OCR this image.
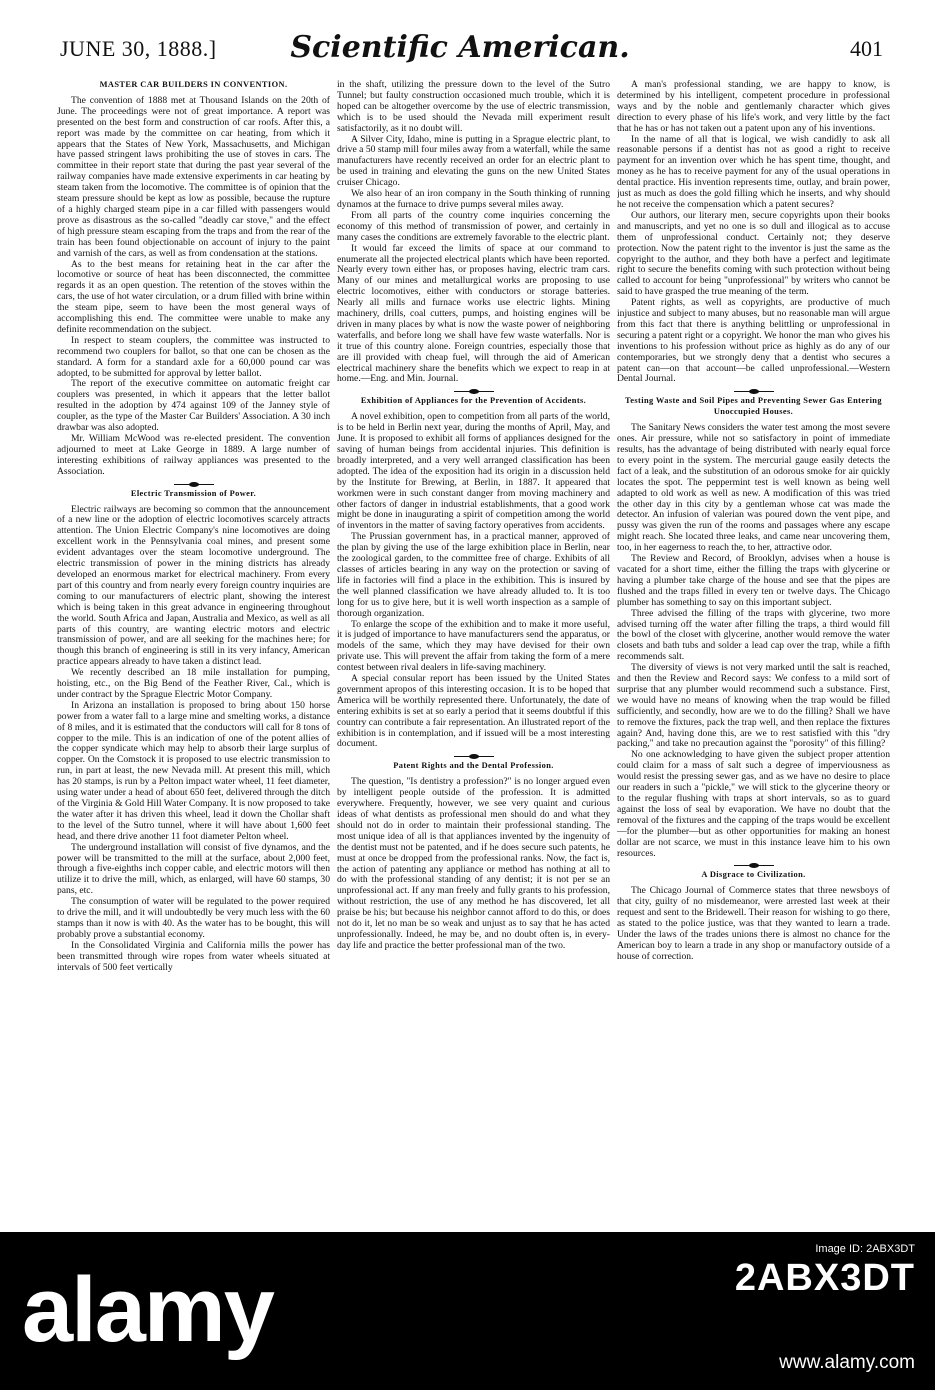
JUNE 30, 1888.]	Scientific American.	401
MASTER CAR BUILDERS IN CONVENTION.

The convention of 1888 met at Thousand Islands on the 20th of June. The proceedings were not of great importance. A report was presented on the best form and construction of car roofs. After this, a report was made by the committee on car heating, from which it appears that the States of New York, Massachusetts, and Michigan have passed stringent laws prohibiting the use of stoves in cars. The committee in their report state that during the past year several of the railway companies have made extensive experiments in car heating by steam taken from the locomotive. The committee is of opinion that the steam pressure should be kept as low as possible, because the rupture of a highly charged steam pipe in a car filled with passengers would prove as disastrous as the so-called "deadly car stove," and the effect of high pressure steam escaping from the traps and from the rear of the train has been found objectionable on account of injury to the paint and varnish of the cars, as well as from condensation at the stations.

As to the best means for retaining heat in the car after the locomotive or source of heat has been disconnected, the committee regards it as an open question. The retention of the stoves within the cars, the use of hot water circulation, or a drum filled with brine within the steam pipe, seem to have been the most general ways of accomplishing this end. The committee were unable to make any definite recommendation on the subject.

In respect to steam couplers, the committee was instructed to recommend two couplers for ballot, so that one can be chosen as the standard. A form for a standard axle for a 60,000 pound car was adopted, to be submitted for approval by letter ballot.

The report of the executive committee on automatic freight car couplers was presented, in which it appears that the letter ballot resulted in the adoption by 474 against 109 of the Janney style of coupler, as the type of the Master Car Builders' Association. A 30 inch drawbar was also adopted.

Mr. William McWood was re-elected president. The convention adjourned to meet at Lake George in 1889. A large number of interesting exhibitions of railway appliances was presented to the Association.

Electric Transmission of Power.

Electric railways are becoming so common that the announcement of a new line or the adoption of electric locomotives scarcely attracts attention. The Union Electric Company's nine locomotives are doing excellent work in the Pennsylvania coal mines, and present some evident advantages over the steam locomotive underground. The electric transmission of power in the mining districts has already developed an enormous market for electrical machinery. From every part of this country and from nearly every foreign country inquiries are coming to our manufacturers of electric plant, showing the interest which is being taken in this great advance in engineering throughout the world. South Africa and Japan, Australia and Mexico, as well as all parts of this country, are wanting electric motors and electric transmission of power, and are all seeking for the machines here; for though this branch of engineering is still in its very infancy, American practice appears already to have taken a distinct lead.

We recently described an 18 mile installation for pumping, hoisting, etc., on the Big Bend of the Feather River, Cal., which is under contract by the Sprague Electric Motor Company.

In Arizona an installation is proposed to bring about 150 horse power from a water fall to a large mine and smelting works, a distance of 8 miles, and it is estimated that the conductors will call for 8 tons of copper to the mile. This is an indication of one of the potent allies of the copper syndicate which may help to absorb their large surplus of copper. On the Comstock it is proposed to use electric transmission to run, in part at least, the new Nevada mill. At present this mill, which has 20 stamps, is run by a Pelton impact water wheel, 11 feet diameter, using water under a head of about 650 feet, delivered through the ditch of the Virginia & Gold Hill Water Company. It is now proposed to take the water after it has driven this wheel, lead it down the Chollar shaft to the level of the Sutro tunnel, where it will have about 1,600 feet head, and there drive another 11 foot diameter Pelton wheel.

The underground installation will consist of five dynamos, and the power will be transmitted to the mill at the surface, about 2,000 feet, through a five-eighths inch copper cable, and electric motors will then utilize it to drive the mill, which, as enlarged, will have 60 stamps, 30 pans, etc.

The consumption of water will be regulated to the power required to drive the mill, and it will undoubtedly be very much less with the 60 stamps than it now is with 40. As the water has to be bought, this will probably prove a substantial economy.

In the Consolidated Virginia and California mills the power has been transmitted through wire ropes from water wheels situated at intervals of 500 feet vertically

in the shaft, utilizing the pressure down to the level of the Sutro Tunnel; but faulty construction occasioned much trouble, which it is hoped can be altogether overcome by the use of electric transmission, which is to be used should the Nevada mill experiment result satisfactorily, as it no doubt will.

A Silver City, Idaho, mine is putting in a Sprague electric plant, to drive a 50 stamp mill four miles away from a waterfall, while the same manufacturers have recently received an order for an electric plant to be used in training and elevating the guns on the new United States cruiser Chicago.

We also hear of an iron company in the South thinking of running dynamos at the furnace to drive pumps several miles away.

From all parts of the country come inquiries concerning the economy of this method of transmission of power, and certainly in many cases the conditions are extremely favorable to the electric plant.

It would far exceed the limits of space at our command to enumerate all the projected electrical plants which have been reported. Nearly every town either has, or proposes having, electric tram cars. Many of our mines and metallurgical works are proposing to use electric locomotives, either with conductors or storage batteries. Nearly all mills and furnace works use electric lights. Mining machinery, drills, coal cutters, pumps, and hoisting engines will be driven in many places by what is now the waste power of neighboring waterfalls, and before long we shall have few waste waterfalls. Nor is it true of this country alone. Foreign countries, especially those that are ill provided with cheap fuel, will through the aid of American electrical machinery share the benefits which we expect to reap in at home.—Eng. and Min. Journal.

Exhibition of Appliances for the Prevention of Accidents.

A novel exhibition, open to competition from all parts of the world, is to be held in Berlin next year, during the months of April, May, and June. It is proposed to exhibit all forms of appliances designed for the saving of human beings from accidental injuries. This definition is broadly interpreted, and a very well arranged classification has been adopted. The idea of the exposition had its origin in a discussion held by the Institute for Brewing, at Berlin, in 1887. It appeared that workmen were in such constant danger from moving machinery and other factors of danger in industrial establishments, that a good work might be done in inaugurating a spirit of competition among the world of inventors in the matter of saving factory operatives from accidents.

The Prussian government has, in a practical manner, approved of the plan by giving the use of the large exhibition place in Berlin, near the zoological garden, to the committee free of charge. Exhibits of all classes of articles bearing in any way on the protection or saving of life in factories will find a place in the exhibition. This is insured by the well planned classification we have already alluded to. It is too long for us to give here, but it is well worth inspection as a sample of thorough organization.

To enlarge the scope of the exhibition and to make it more useful, it is judged of importance to have manufacturers send the apparatus, or models of the same, which they may have devised for their own private use. This will prevent the affair from taking the form of a mere contest between rival dealers in life-saving machinery.

A special consular report has been issued by the United States government apropos of this interesting occasion. It is to be hoped that America will be worthily represented there. Unfortunately, the date of entering exhibits is set at so early a period that it seems doubtful if this country can contribute a fair representation. An illustrated report of the exhibition is in contemplation, and if issued will be a most interesting document.

Patent Rights and the Dental Profession.

The question, "Is dentistry a profession?" is no longer argued even by intelligent people outside of the profession. It is admitted everywhere. Frequently, however, we see very quaint and curious ideas of what dentists as professional men should do and what they should not do in order to maintain their professional standing. The most unique idea of all is that appliances invented by the ingenuity of the dentist must not be patented, and if he does secure such patents, he must at once be dropped from the professional ranks. Now, the fact is, the action of patenting any appliance or method has nothing at all to do with the professional standing of any dentist; it is not per se an unprofessional act. If any man freely and fully grants to his profession, without restriction, the use of any method he has discovered, let all praise be his; but because his neighbor cannot afford to do this, or does not do it, let no man be so weak and unjust as to say that he has acted unprofessionally. Indeed, he may be, and no doubt often is, in every-day life and practice the better professional man of the two.

A man's professional standing, we are happy to know, is determined by his intelligent, competent procedure in professional ways and by the noble and gentlemanly character which gives direction to every phase of his life's work, and very little by the fact that he has or has not taken out a patent upon any of his inventions.

In the name of all that is logical, we wish candidly to ask all reasonable persons if a dentist has not as good a right to receive payment for an invention over which he has spent time, thought, and money as he has to receive payment for any of the usual operations in dental practice. His invention represents time, outlay, and brain power, just as much as does the gold filling which he inserts, and why should he not receive the compensation which a patent secures?

Our authors, our literary men, secure copyrights upon their books and manuscripts, and yet no one is so dull and illogical as to accuse them of unprofessional conduct. Certainly not; they deserve protection. Now the patent right to the inventor is just the same as the copyright to the author, and they both have a perfect and legitimate right to secure the benefits coming with such protection without being called to account for being "unprofessional" by writers who cannot be said to have grasped the true meaning of the term.

Patent rights, as well as copyrights, are productive of much injustice and subject to many abuses, but no reasonable man will argue from this fact that there is anything belittling or unprofessional in securing a patent right or a copyright. We honor the man who gives his inventions to his profession without price as highly as do any of our contemporaries, but we strongly deny that a dentist who secures a patent can—on that account—be called unprofessional.—Western Dental Journal.

Testing Waste and Soil Pipes and Preventing Sewer Gas Entering Unoccupied Houses.

The Sanitary News considers the water test among the most severe ones. Air pressure, while not so satisfactory in point of immediate results, has the advantage of being distributed with nearly equal force to every point in the system. The mercurial gauge easily detects the fact of a leak, and the substitution of an odorous smoke for air quickly locates the spot. The peppermint test is well known as being well adapted to old work as well as new. A modification of this was tried the other day in this city by a gentleman whose cat was made the detector. An infusion of valerian was poured down the vent pipe, and pussy was given the run of the rooms and passages where any escape might reach. She located three leaks, and came near uncovering them, too, in her eagerness to reach the, to her, attractive odor.

The Review and Record, of Brooklyn, advises when a house is vacated for a short time, either the filling the traps with glycerine or having a plumber take charge of the house and see that the pipes are flushed and the traps filled in every ten or twelve days. The Chicago plumber has something to say on this important subject.

Three advised the filling of the traps with glycerine, two more advised turning off the water after filling the traps, a third would fill the bowl of the closet with glycerine, another would remove the water closets and bath tubs and solder a lead cap over the trap, while a fifth recommends salt.

The diversity of views is not very marked until the salt is reached, and then the Review and Record says: We confess to a mild sort of surprise that any plumber would recommend such a substance. First, we would have no means of knowing when the trap would be filled sufficiently, and secondly, how are we to do the filling? Shall we have to remove the fixtures, pack the trap well, and then replace the fixtures again? And, having done this, are we to rest satisfied with this "dry packing," and take no precaution against the "porosity" of this filling?

No one acknowledging to have given the subject proper attention could claim for a mass of salt such a degree of imperviousness as would resist the pressing sewer gas, and as we have no desire to place our readers in such a "pickle," we will stick to the glycerine theory or to the regular flushing with traps at short intervals, so as to guard against the loss of seal by evaporation. We have no doubt that the removal of the fixtures and the capping of the traps would be excellent—for the plumber—but as other opportunities for making an honest dollar are not scarce, we must in this instance leave him to his own resources.

A Disgrace to Civilization.

The Chicago Journal of Commerce states that three newsboys of that city, guilty of no misdemeanor, were arrested last week at their request and sent to the Bridewell. Their reason for wishing to go there, as stated to the police justice, was that they wanted to learn a trade. Under the laws of the trades unions there is almost no chance for the American boy to learn a trade in any shop or manufactory outside of a house of correction.

alamy
Image ID: 2ABX3DT
2ABX3DT
www.alamy.com
